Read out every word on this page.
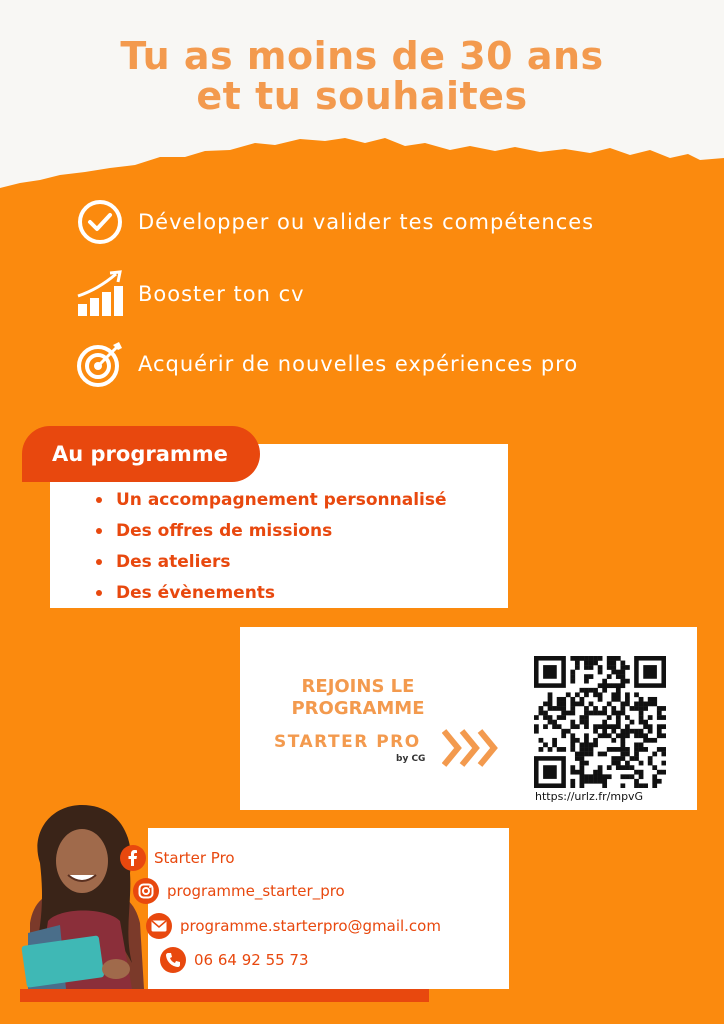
Tu as moins de 30 ans
et tu souhaites
Développer ou valider tes compétences
Booster ton cv
Acquérir de nouvelles expériences pro
Au programme
Un accompagnement personnalisé
Des offres de missions
Des ateliers
Des évènements
REJOINS LE
PROGRAMME
STARTER PRO
by CG
https://urlz.fr/mpvG
Starter Pro
programme_starter_pro
programme.starterpro@gmail.com
06 64 92 55 73
